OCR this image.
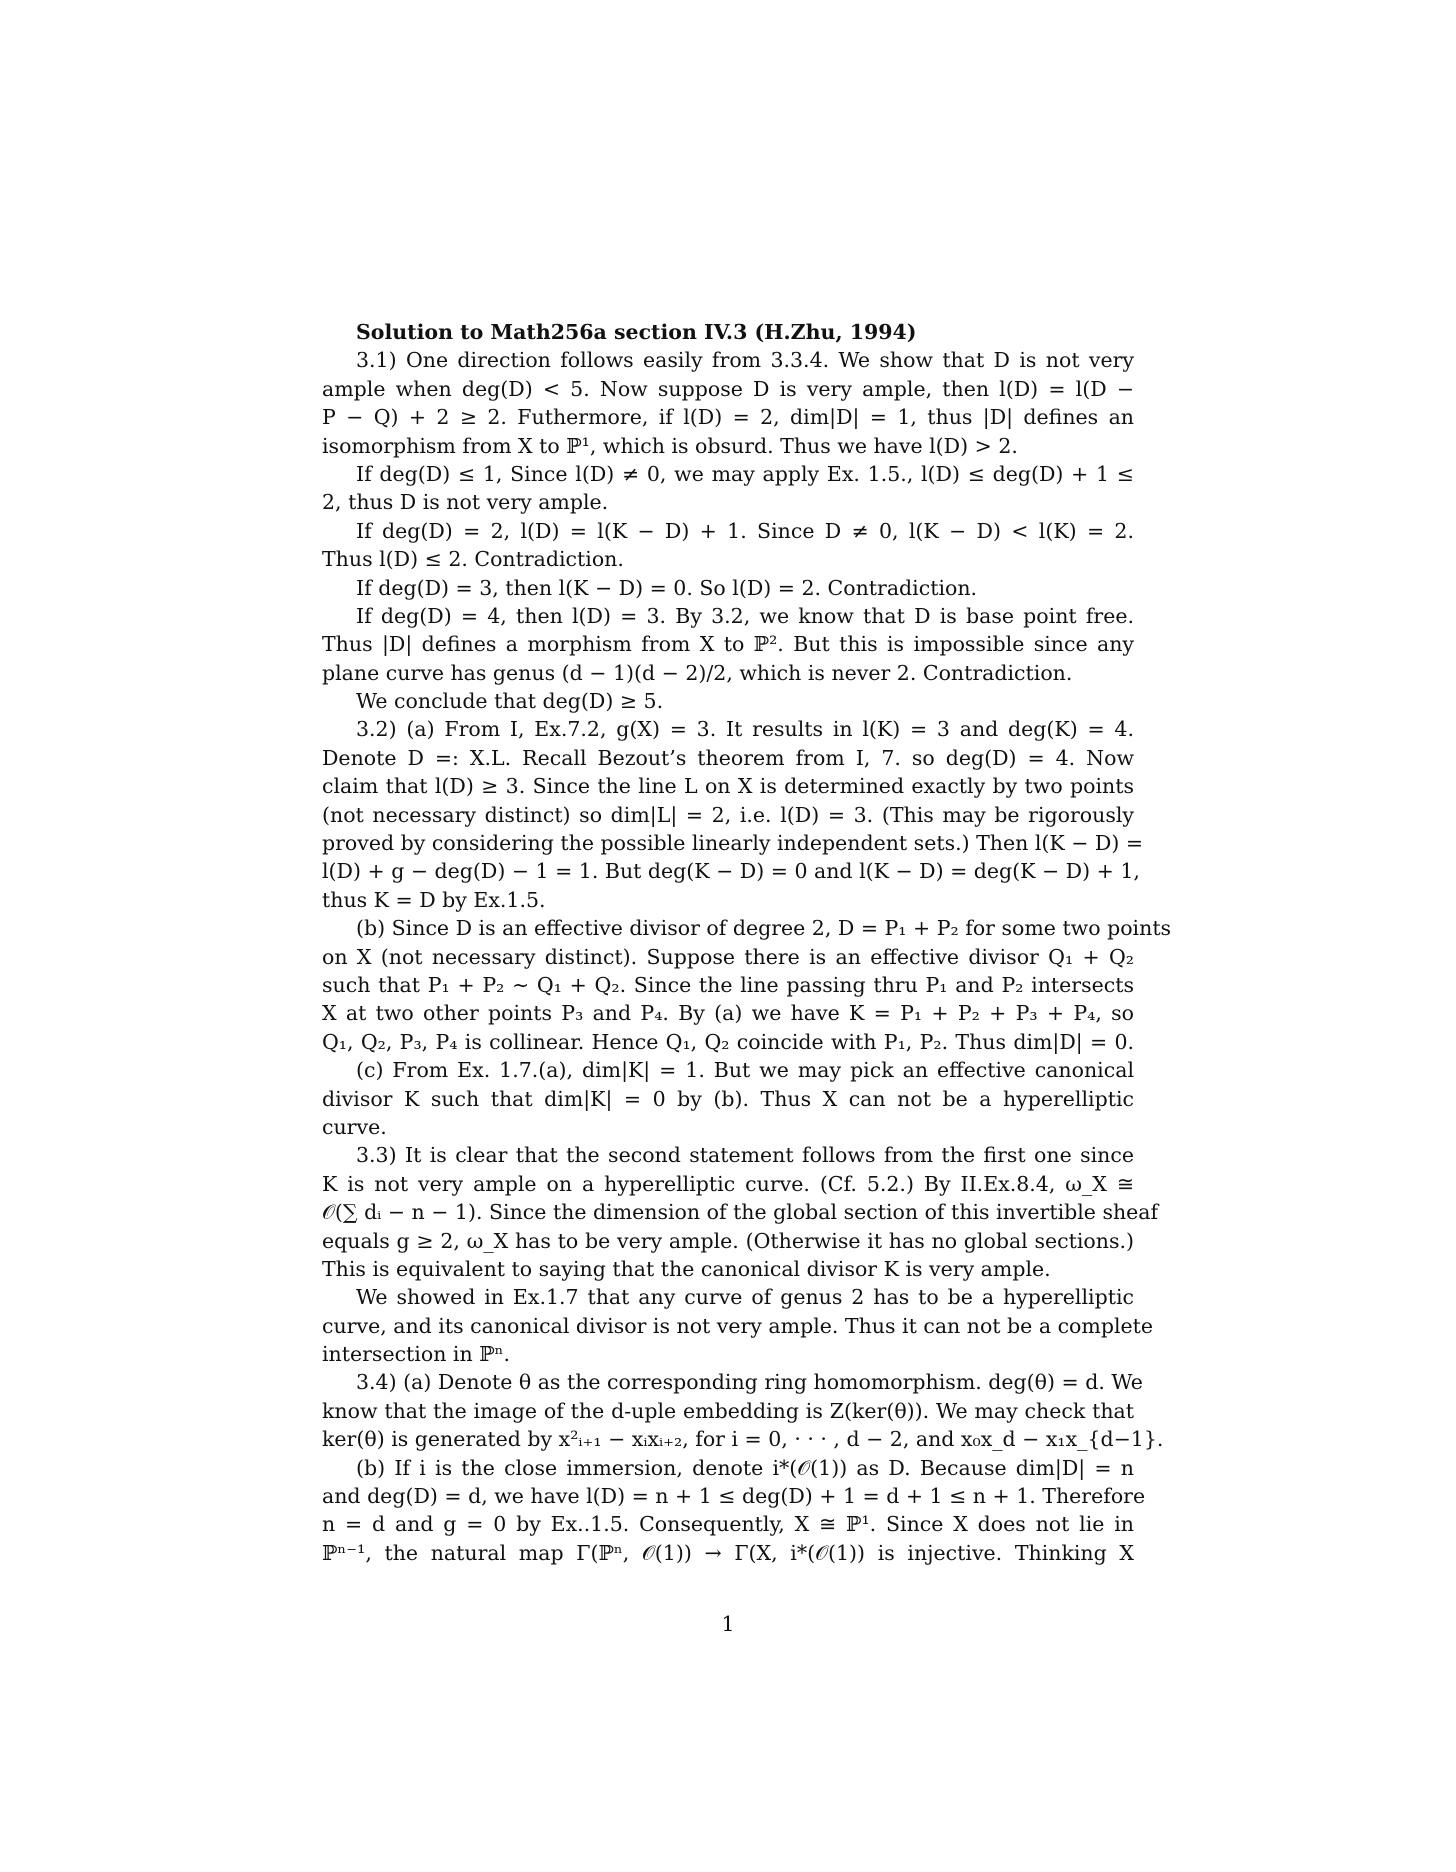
Solution to Math256a section IV.3 (H.Zhu, 1994)
3.1) One direction follows easily from 3.3.4. We show that D is not very
ample when deg(D) < 5. Now suppose D is very ample, then l(D) = l(D −
P − Q) + 2 ≥ 2. Futhermore, if l(D) = 2, dim|D| = 1, thus |D| defines an
isomorphism from X to ℙ¹, which is obsurd. Thus we have l(D) > 2.
If deg(D) ≤ 1, Since l(D) ≠ 0, we may apply Ex. 1.5., l(D) ≤ deg(D) + 1 ≤
2, thus D is not very ample.
If deg(D) = 2, l(D) = l(K − D) + 1. Since D ≠ 0, l(K − D) < l(K) = 2.
Thus l(D) ≤ 2. Contradiction.
If deg(D) = 3, then l(K − D) = 0. So l(D) = 2. Contradiction.
If deg(D) = 4, then l(D) = 3. By 3.2, we know that D is base point free.
Thus |D| defines a morphism from X to ℙ². But this is impossible since any
plane curve has genus (d − 1)(d − 2)/2, which is never 2. Contradiction.
We conclude that deg(D) ≥ 5.
3.2) (a) From I, Ex.7.2, g(X) = 3. It results in l(K) = 3 and deg(K) = 4.
Denote D =: X.L. Recall Bezout’s theorem from I, 7. so deg(D) = 4. Now
claim that l(D) ≥ 3. Since the line L on X is determined exactly by two points
(not necessary distinct) so dim|L| = 2, i.e. l(D) = 3. (This may be rigorously
proved by considering the possible linearly independent sets.) Then l(K − D) =
l(D) + g − deg(D) − 1 = 1. But deg(K − D) = 0 and l(K − D) = deg(K − D) + 1,
thus K = D by Ex.1.5.
(b) Since D is an effective divisor of degree 2, D = P₁ + P₂ for some two points
on X (not necessary distinct). Suppose there is an effective divisor Q₁ + Q₂
such that P₁ + P₂ ∼ Q₁ + Q₂. Since the line passing thru P₁ and P₂ intersects
X at two other points P₃ and P₄. By (a) we have K = P₁ + P₂ + P₃ + P₄, so
Q₁, Q₂, P₃, P₄ is collinear. Hence Q₁, Q₂ coincide with P₁, P₂. Thus dim|D| = 0.
(c) From Ex. 1.7.(a), dim|K| = 1. But we may pick an effective canonical
divisor K such that dim|K| = 0 by (b). Thus X can not be a hyperelliptic
curve.
3.3) It is clear that the second statement follows from the first one since
K is not very ample on a hyperelliptic curve. (Cf. 5.2.) By II.Ex.8.4, ω_X ≅
𝒪(∑ dᵢ − n − 1). Since the dimension of the global section of this invertible sheaf
equals g ≥ 2, ω_X has to be very ample. (Otherwise it has no global sections.)
This is equivalent to saying that the canonical divisor K is very ample.
We showed in Ex.1.7 that any curve of genus 2 has to be a hyperelliptic
curve, and its canonical divisor is not very ample. Thus it can not be a complete
intersection in ℙⁿ.
3.4) (a) Denote θ as the corresponding ring homomorphism. deg(θ) = d. We
know that the image of the d-uple embedding is Z(ker(θ)). We may check that
ker(θ) is generated by x²ᵢ₊₁ − xᵢxᵢ₊₂, for i = 0, · · · , d − 2, and x₀x_d − x₁x_{d−1}.
(b) If i is the close immersion, denote i*(𝒪(1)) as D. Because dim|D| = n
and deg(D) = d, we have l(D) = n + 1 ≤ deg(D) + 1 = d + 1 ≤ n + 1. Therefore
n = d and g = 0 by Ex..1.5. Consequently, X ≅ ℙ¹. Since X does not lie in
ℙⁿ⁻¹, the natural map Γ(ℙⁿ, 𝒪(1)) → Γ(X, i*(𝒪(1)) is injective. Thinking X
1
